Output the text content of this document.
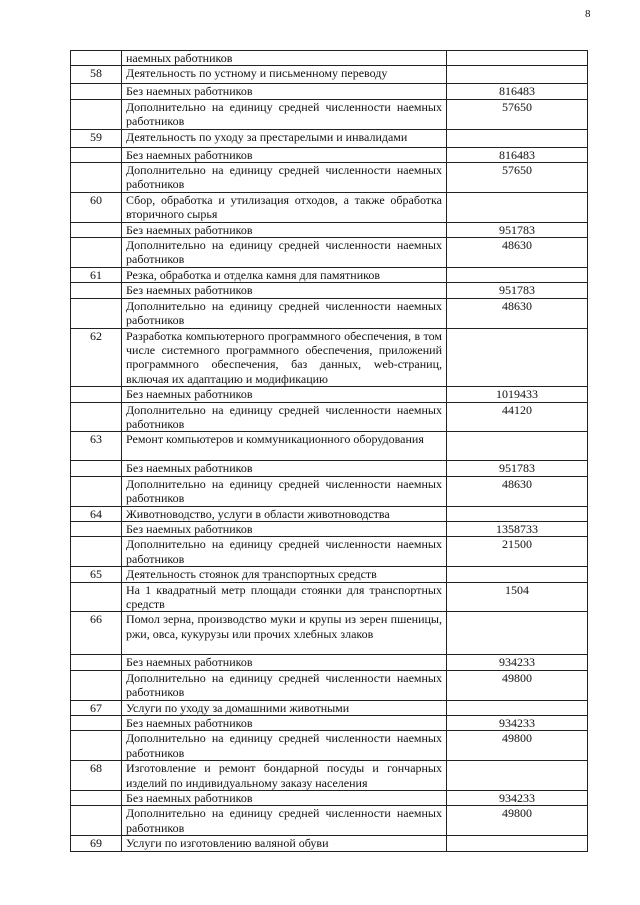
8
	наемных работников	
58	Деятельность по устному и письменному переводу	
	Без наемных работников	816483
	Дополнительно на единицу средней численности наемных работников	57650
59	Деятельность по уходу за престарелыми и инвалидами	
	Без наемных работников	816483
	Дополнительно на единицу средней численности наемных работников	57650
60	Сбор, обработка и утилизация отходов, а также обработка вторичного сырья	
	Без наемных работников	951783
	Дополнительно на единицу средней численности наемных работников	48630
61	Резка, обработка и отделка камня для памятников	
	Без наемных работников	951783
	Дополнительно на единицу средней численности наемных работников	48630
62	Разработка компьютерного программного обеспечения, в том числе системного программного обеспечения, приложений программного обеспечения, баз данных, web-страниц, включая их адаптацию и модификацию	
	Без наемных работников	1019433
	Дополнительно на единицу средней численности наемных работников	44120
63	Ремонт компьютеров и коммуникационного оборудования	
	Без наемных работников	951783
	Дополнительно на единицу средней численности наемных работников	48630
64	Животноводство, услуги в области животноводства	
	Без наемных работников	1358733
	Дополнительно на единицу средней численности наемных работников	21500
65	Деятельность стоянок для транспортных средств	
	На 1 квадратный метр площади стоянки для транспортных средств	1504
66	Помол зерна, производство муки и крупы из зерен пшеницы, ржи, овса, кукурузы или прочих хлебных злаков	
	Без наемных работников	934233
	Дополнительно на единицу средней численности наемных работников	49800
67	Услуги по уходу за домашними животными	
	Без наемных работников	934233
	Дополнительно на единицу средней численности наемных работников	49800
68	Изготовление и ремонт бондарной посуды и гончарных изделий по индивидуальному заказу населения	
	Без наемных работников	934233
	Дополнительно на единицу средней численности наемных работников	49800
69	Услуги по изготовлению валяной обуви	
